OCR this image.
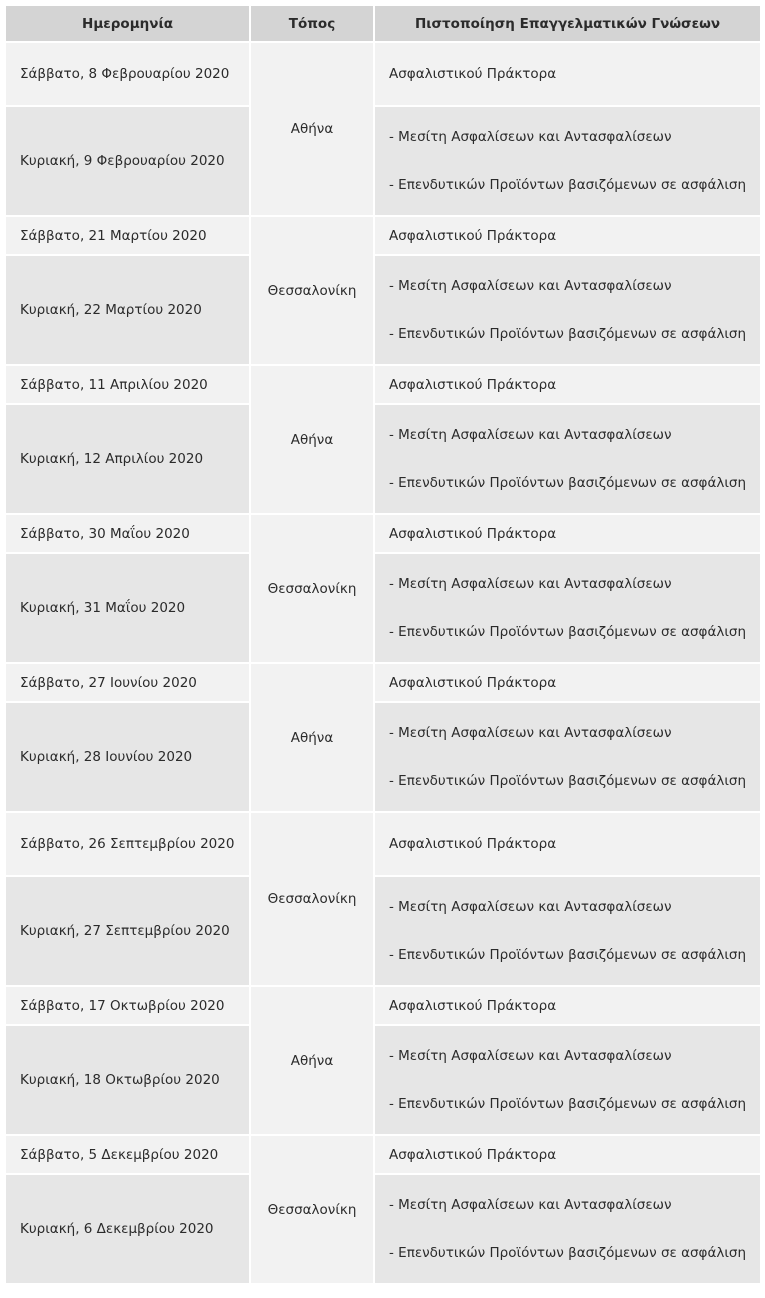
Ημερομηνία	Τόπος	Πιστοποίηση Επαγγελματικών Γνώσεων
Σάββατο, 8 Φεβρουαρίου 2020	Αθήνα	Ασφαλιστικού Πράκτορα
Κυριακή, 9 Φεβρουαρίου 2020		- Μεσίτη Ασφαλίσεων και Αντασφαλίσεων
- Επενδυτικών Προϊόντων βασιζόμενων σε ασφάλιση

Σάββατο, 21 Μαρτίου 2020	Θεσσαλονίκη	Ασφαλιστικού Πράκτορα
Κυριακή, 22 Μαρτίου 2020		- Μεσίτη Ασφαλίσεων και Αντασφαλίσεων
- Επενδυτικών Προϊόντων βασιζόμενων σε ασφάλιση

Σάββατο, 11 Απριλίου 2020	Αθήνα	Ασφαλιστικού Πράκτορα
Κυριακή, 12 Απριλίου 2020		- Μεσίτη Ασφαλίσεων και Αντασφαλίσεων
- Επενδυτικών Προϊόντων βασιζόμενων σε ασφάλιση

Σάββατο, 30 Μαΐου 2020	Θεσσαλονίκη	Ασφαλιστικού Πράκτορα
Κυριακή, 31 Μαΐου 2020		- Μεσίτη Ασφαλίσεων και Αντασφαλίσεων
- Επενδυτικών Προϊόντων βασιζόμενων σε ασφάλιση

Σάββατο, 27 Ιουνίου 2020	Αθήνα	Ασφαλιστικού Πράκτορα
Κυριακή, 28 Ιουνίου 2020		- Μεσίτη Ασφαλίσεων και Αντασφαλίσεων
- Επενδυτικών Προϊόντων βασιζόμενων σε ασφάλιση

Σάββατο, 26 Σεπτεμβρίου 2020	Θεσσαλονίκη	Ασφαλιστικού Πράκτορα
Κυριακή, 27 Σεπτεμβρίου 2020		- Μεσίτη Ασφαλίσεων και Αντασφαλίσεων
- Επενδυτικών Προϊόντων βασιζόμενων σε ασφάλιση

Σάββατο, 17 Οκτωβρίου 2020	Αθήνα	Ασφαλιστικού Πράκτορα
Κυριακή, 18 Οκτωβρίου 2020		- Μεσίτη Ασφαλίσεων και Αντασφαλίσεων
- Επενδυτικών Προϊόντων βασιζόμενων σε ασφάλιση

Σάββατο, 5 Δεκεμβρίου 2020	Θεσσαλονίκη	Ασφαλιστικού Πράκτορα
Κυριακή, 6 Δεκεμβρίου 2020		- Μεσίτη Ασφαλίσεων και Αντασφαλίσεων
- Επενδυτικών Προϊόντων βασιζόμενων σε ασφάλιση
